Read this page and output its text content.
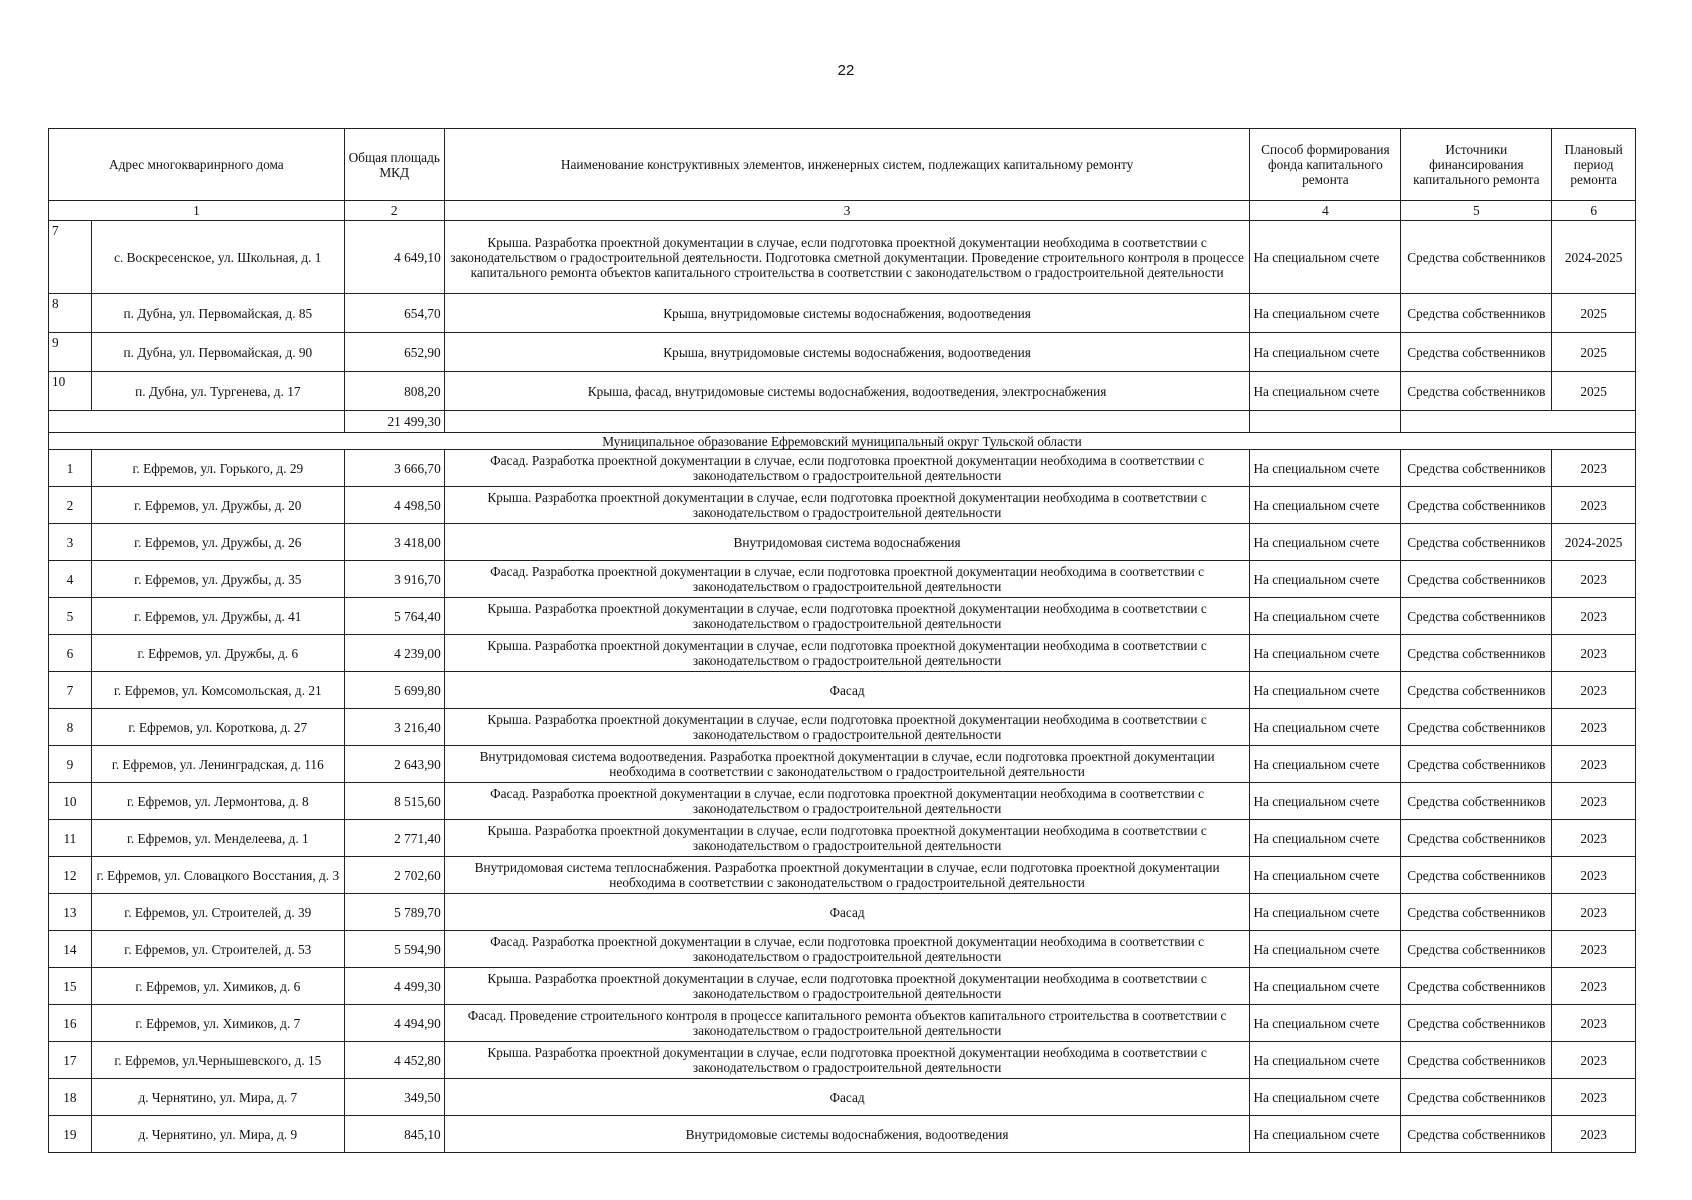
22
Адрес многокваринрного дома		Общая площадь МКД	Наименование конструктивных элементов, инженерных систем, подлежащих капитальному ремонту	Способ формирования фонда капитального ремонта	Источники финансирования капитального ремонта	Плановый период ремонта
1		2	3	4	5	6
7	с. Воскресенское, ул. Школьная, д. 1	4 649,10	Крыша. Разработка проектной документации в случае, если подготовка проектной документации необходима в соответствии с законодательством о градостроительной деятельности. Подготовка сметной документации. Проведение строительного контроля в процессе капитального ремонта объектов капитального строительства в соответствии с законодательством о градостроительной деятельности	На специальном счете	Средства собственников	2024-2025
8	п. Дубна, ул. Первомайская, д. 85	654,70	Крыша, внутридомовые системы водоснабжения, водоотведения	На специальном счете	Средства собственников	2025
9	п. Дубна, ул. Первомайская, д. 90	652,90	Крыша, внутридомовые системы водоснабжения, водоотведения	На специальном счете	Средства собственников	2025
10	п. Дубна, ул. Тургенева, д. 17	808,20	Крыша, фасад, внутридомовые системы водоснабжения, водоотведения, электроснабжения	На специальном счете	Средства собственников	2025
		21 499,30				
Муниципальное образование Ефремовский муниципальный округ Тульской области						
1	г. Ефремов, ул. Горького, д. 29	3 666,70	Фасад. Разработка проектной документации в случае, если подготовка проектной документации необходима в соответствии с законодательством о градостроительной деятельности	На специальном счете	Средства собственников	2023
2	г. Ефремов, ул. Дружбы, д. 20	4 498,50	Крыша. Разработка проектной документации в случае, если подготовка проектной документации необходима в соответствии с законодательством о градостроительной деятельности	На специальном счете	Средства собственников	2023
3	г. Ефремов, ул. Дружбы, д. 26	3 418,00	Внутридомовая система водоснабжения	На специальном счете	Средства собственников	2024-2025
4	г. Ефремов, ул. Дружбы, д. 35	3 916,70	Фасад. Разработка проектной документации в случае, если подготовка проектной документации необходима в соответствии с законодательством о градостроительной деятельности	На специальном счете	Средства собственников	2023
5	г. Ефремов, ул. Дружбы, д. 41	5 764,40	Крыша. Разработка проектной документации в случае, если подготовка проектной документации необходима в соответствии с законодательством о градостроительной деятельности	На специальном счете	Средства собственников	2023
6	г. Ефремов, ул. Дружбы, д. 6	4 239,00	Крыша. Разработка проектной документации в случае, если подготовка проектной документации необходима в соответствии с законодательством о градостроительной деятельности	На специальном счете	Средства собственников	2023
7	г. Ефремов, ул. Комсомольская, д. 21	5 699,80	Фасад	На специальном счете	Средства собственников	2023
8	г. Ефремов, ул. Короткова, д. 27	3 216,40	Крыша. Разработка проектной документации в случае, если подготовка проектной документации необходима в соответствии с законодательством о градостроительной деятельности	На специальном счете	Средства собственников	2023
9	г. Ефремов, ул. Ленинградская, д. 116	2 643,90	Внутридомовая система водоотведения. Разработка проектной документации в случае, если подготовка проектной документации необходима в соответствии с законодательством о градостроительной деятельности	На специальном счете	Средства собственников	2023
10	г. Ефремов, ул. Лермонтова, д. 8	8 515,60	Фасад. Разработка проектной документации в случае, если подготовка проектной документации необходима в соответствии с законодательством о градостроительной деятельности	На специальном счете	Средства собственников	2023
11	г. Ефремов, ул. Менделеева, д. 1	2 771,40	Крыша. Разработка проектной документации в случае, если подготовка проектной документации необходима в соответствии с законодательством о градостроительной деятельности	На специальном счете	Средства собственников	2023
12	г. Ефремов, ул. Словацкого Восстания, д. 3	2 702,60	Внутридомовая система теплоснабжения. Разработка проектной документации в случае, если подготовка проектной документации необходима в соответствии с законодательством о градостроительной деятельности	На специальном счете	Средства собственников	2023
13	г. Ефремов, ул. Строителей, д. 39	5 789,70	Фасад	На специальном счете	Средства собственников	2023
14	г. Ефремов, ул. Строителей, д. 53	5 594,90	Фасад. Разработка проектной документации в случае, если подготовка проектной документации необходима в соответствии с законодательством о градостроительной деятельности	На специальном счете	Средства собственников	2023
15	г. Ефремов, ул. Химиков, д. 6	4 499,30	Крыша. Разработка проектной документации в случае, если подготовка проектной документации необходима в соответствии с законодательством о градостроительной деятельности	На специальном счете	Средства собственников	2023
16	г. Ефремов, ул. Химиков, д. 7	4 494,90	Фасад. Проведение строительного контроля в процессе капитального ремонта объектов капитального строительства в соответствии с законодательством о градостроительной деятельности	На специальном счете	Средства собственников	2023
17	г. Ефремов, ул.Чернышевского, д. 15	4 452,80	Крыша. Разработка проектной документации в случае, если подготовка проектной документации необходима в соответствии с законодательством о градостроительной деятельности	На специальном счете	Средства собственников	2023
18	д. Чернятино, ул. Мира, д. 7	349,50	Фасад	На специальном счете	Средства собственников	2023
19	д. Чернятино, ул. Мира, д. 9	845,10	Внутридомовые системы водоснабжения, водоотведения	На специальном счете	Средства собственников	2023
